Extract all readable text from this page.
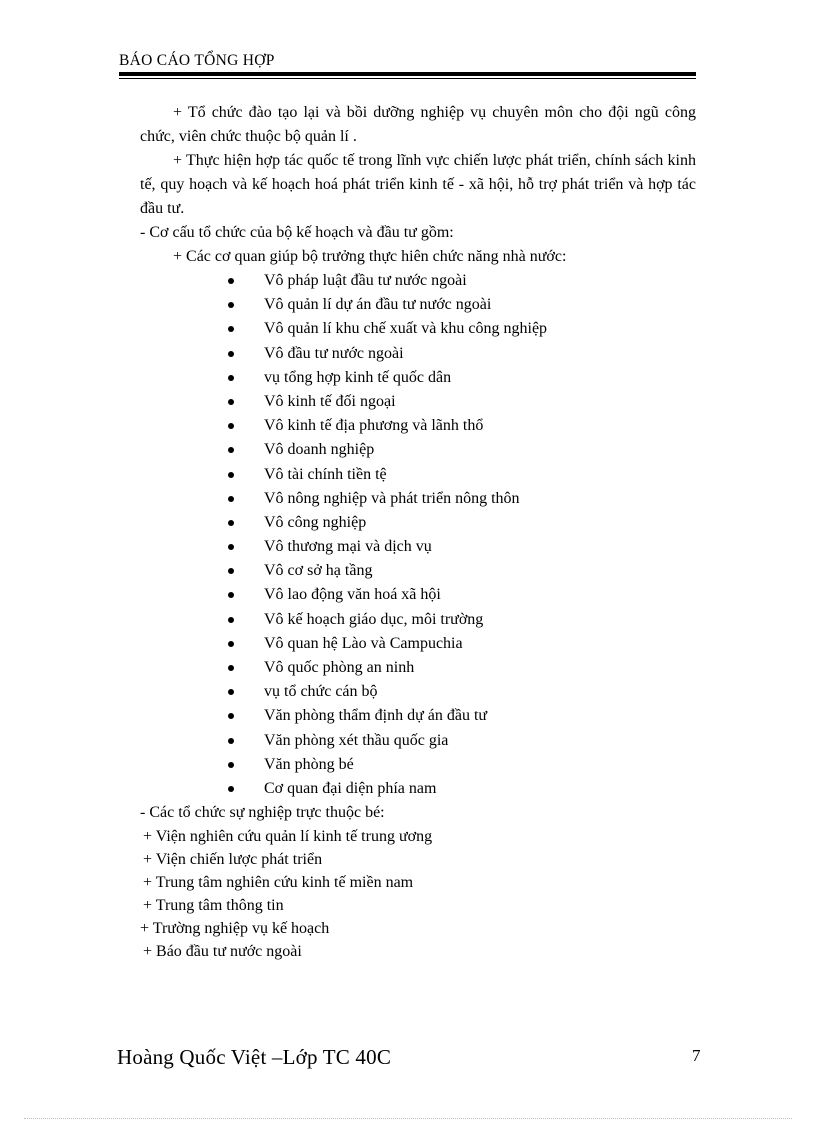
BÁO CÁO TỔNG HỢP

+ Tổ chức đào tạo lại và bồi dưỡng nghiệp vụ chuyên môn cho đội ngũ công chức, viên chức thuộc bộ quản lí .

+ Thực hiện hợp tác quốc tế trong lĩnh vực chiến lược phát triển, chính sách kinh tế, quy hoạch và kế hoạch hoá phát triển kinh tế - xã hội, hỗ trợ phát triển và hợp tác đầu tư.

- Cơ cấu tổ chức của bộ kế hoạch và đầu tư gồm:

+ Các cơ quan giúp bộ trưởng thực hiên chức năng nhà nước:

Vô pháp luật đầu tư nước ngoài
Vô quản lí dự án đầu tư nước ngoài
Vô quản lí khu chế xuất và khu công nghiệp
Vô đầu tư nước ngoài
vụ tổng hợp kinh tế quốc dân
Vô kinh tế đối ngoại
Vô kinh tế địa phương và lãnh thổ
Vô doanh nghiệp
Vô tài chính tiền tệ
Vô nông nghiệp và phát triển nông thôn
Vô công nghiệp
Vô thương mại và dịch vụ
Vô cơ sở hạ tầng
Vô lao động văn hoá xã hội
Vô kế hoạch giáo dục, môi trường
Vô quan hệ Lào và Campuchia
Vô quốc phòng an ninh
vụ tổ chức cán bộ
Văn phòng thẩm định dự án đầu tư
Văn phòng xét thầu quốc gia
Văn phòng bé
Cơ quan đại diện phía nam

- Các tổ chức sự nghiệp trực thuộc bé:

+ Viện nghiên cứu quản lí kinh tế trung ương
+ Viện chiến lược phát triển
+ Trung tâm nghiên cứu kinh tế miền nam
+ Trung tâm thông tin
+ Trường nghiệp vụ kế hoạch
+ Báo đầu tư nước ngoài
Hoàng Quốc Việt –Lớp TC 40C	7
